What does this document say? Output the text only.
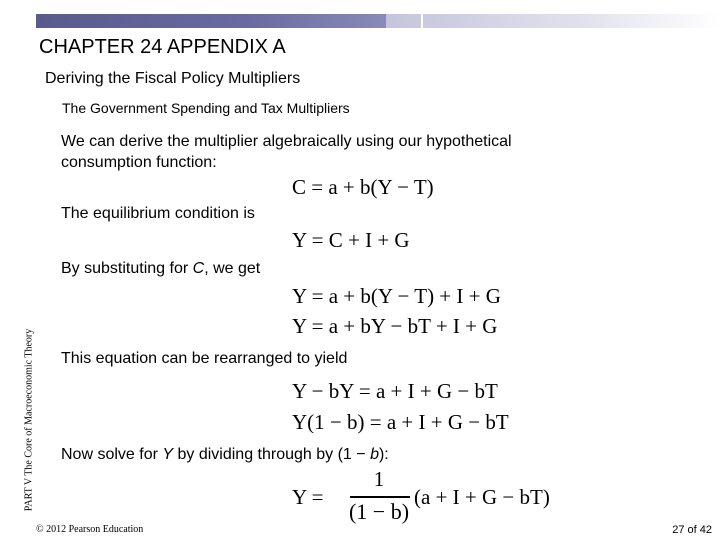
CHAPTER 24 APPENDIX A
Deriving the Fiscal Policy Multipliers
The Government Spending and Tax Multipliers
We can derive the multiplier algebraically using our hypothetical
consumption function:
C = a + b(Y − T)
The equilibrium condition is
Y = C + I + G
By substituting for C, we get
Y = a + b(Y − T) + I + G
Y = a + bY − bT + I + G
This equation can be rearranged to yield
Y − bY = a + I + G − bT
Y(1 − b) = a + I + G − bT
Now solve for Y by dividing through by (1 − b):
Y =
1
(1 − b)
(a + I + G − bT)
PART V The Core of Macroeconomic Theory
© 2012 Pearson Education	27 of 42
